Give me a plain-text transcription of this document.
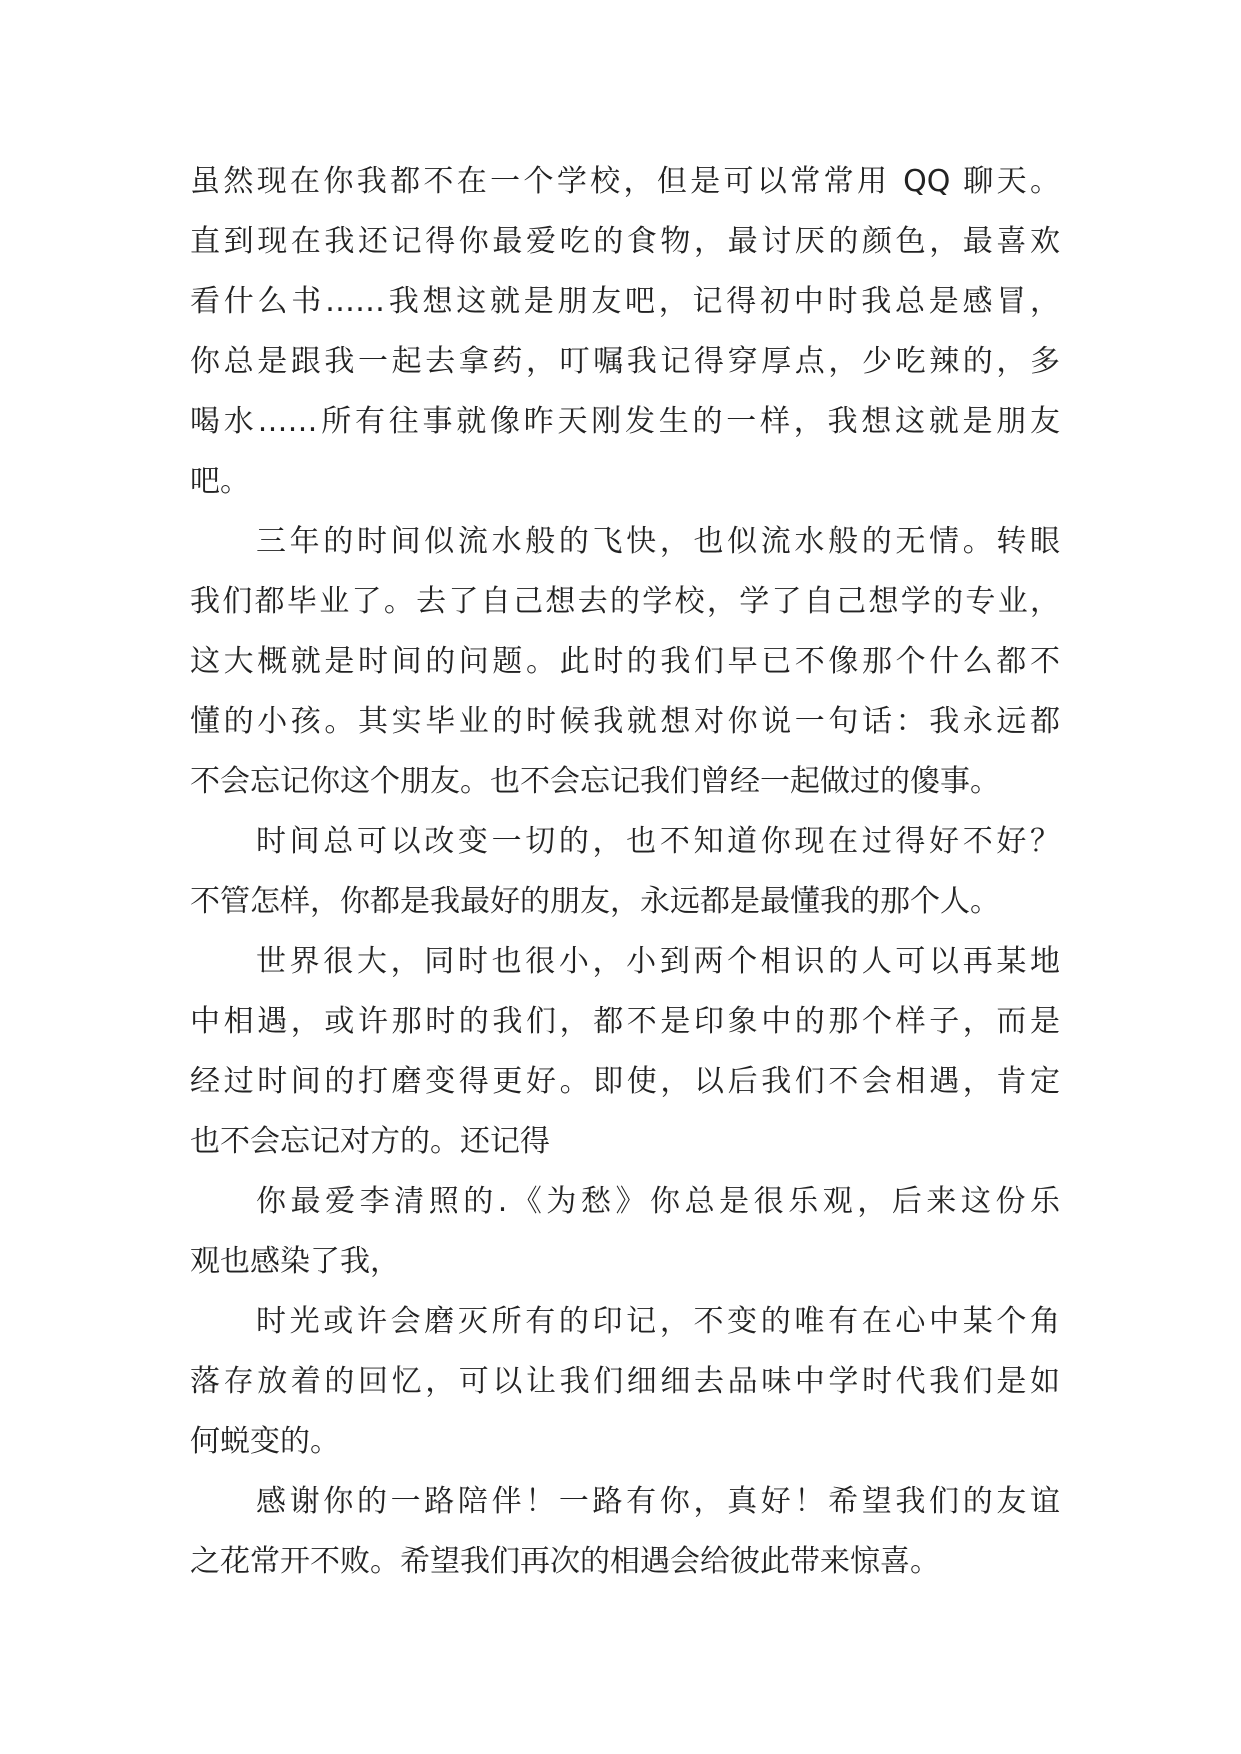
虽然现在你我都不在一个学校，但是可以常常用 QQ 聊天。
直到现在我还记得你最爱吃的食物，最讨厌的颜色，最喜欢
看什么书……我想这就是朋友吧，记得初中时我总是感冒，
你总是跟我一起去拿药，叮嘱我记得穿厚点，少吃辣的，多
喝水……所有往事就像昨天刚发生的一样，我想这就是朋友
吧。
三年的时间似流水般的飞快，也似流水般的无情。转眼
我们都毕业了。去了自己想去的学校，学了自己想学的专业，
这大概就是时间的问题。此时的我们早已不像那个什么都不
懂的小孩。其实毕业的时候我就想对你说一句话：我永远都
不会忘记你这个朋友。也不会忘记我们曾经一起做过的傻事。
时间总可以改变一切的，也不知道你现在过得好不好？
不管怎样，你都是我最好的朋友，永远都是最懂我的那个人。
世界很大，同时也很小，小到两个相识的人可以再某地
中相遇，或许那时的我们，都不是印象中的那个样子，而是
经过时间的打磨变得更好。即使，以后我们不会相遇，肯定
也不会忘记对方的。还记得
你最爱李清照的.《为愁》你总是很乐观，后来这份乐
观也感染了我，
时光或许会磨灭所有的印记，不变的唯有在心中某个角
落存放着的回忆，可以让我们细细去品味中学时代我们是如
何蜕变的。
感谢你的一路陪伴！一路有你，真好！希望我们的友谊
之花常开不败。希望我们再次的相遇会给彼此带来惊喜。
